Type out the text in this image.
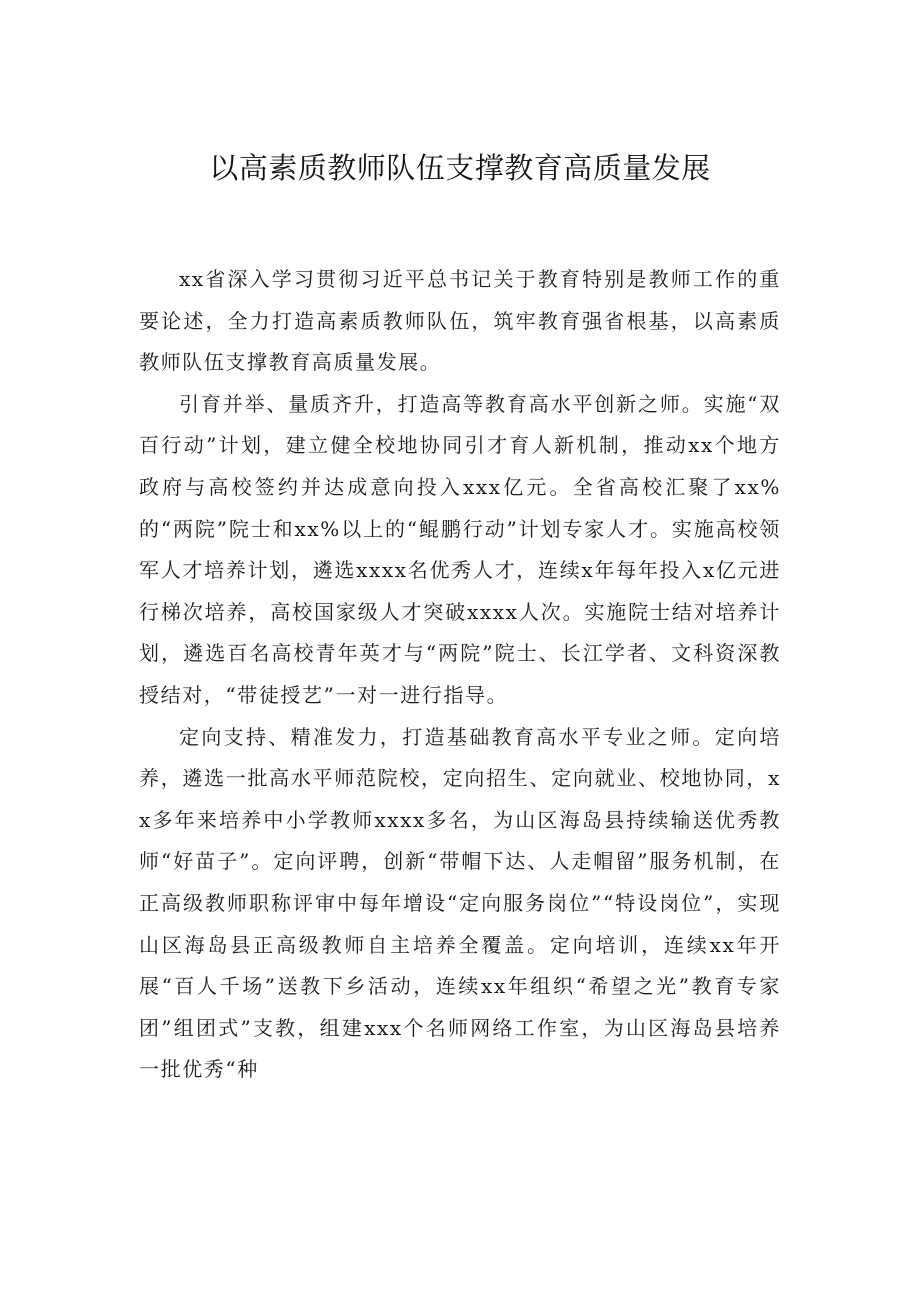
以高素质教师队伍支撑教育高质量发展

xx省深入学习贯彻习近平总书记关于教育特别是教师工作的重要论述，全力打造高素质教师队伍，筑牢教育强省根基，以高素质教师队伍支撑教育高质量发展。

引育并举、量质齐升，打造高等教育高水平创新之师。实施“双百行动”计划，建立健全校地协同引才育人新机制，推动xx个地方政府与高校签约并达成意向投入xxx亿元。全省高校汇聚了xx%的“两院”院士和xx%以上的“鲲鹏行动”计划专家人才。实施高校领军人才培养计划，遴选xxxx名优秀人才，连续x年每年投入x亿元进行梯次培养，高校国家级人才突破xxxx人次。实施院士结对培养计划，遴选百名高校青年英才与“两院”院士、长江学者、文科资深教授结对，“带徒授艺”一对一进行指导。

定向支持、精准发力，打造基础教育高水平专业之师。定向培养，遴选一批高水平师范院校，定向招生、定向就业、校地协同，xx多年来培养中小学教师xxxx多名，为山区海岛县持续输送优秀教师“好苗子”。定向评聘，创新“带帽下达、人走帽留”服务机制，在正高级教师职称评审中每年增设“定向服务岗位”“特设岗位”，实现山区海岛县正高级教师自主培养全覆盖。定向培训，连续xx年开展“百人千场”送教下乡活动，连续xx年组织“希望之光”教育专家团”组团式”支教，组建xxx个名师网络工作室，为山区海岛县培养一批优秀“种
